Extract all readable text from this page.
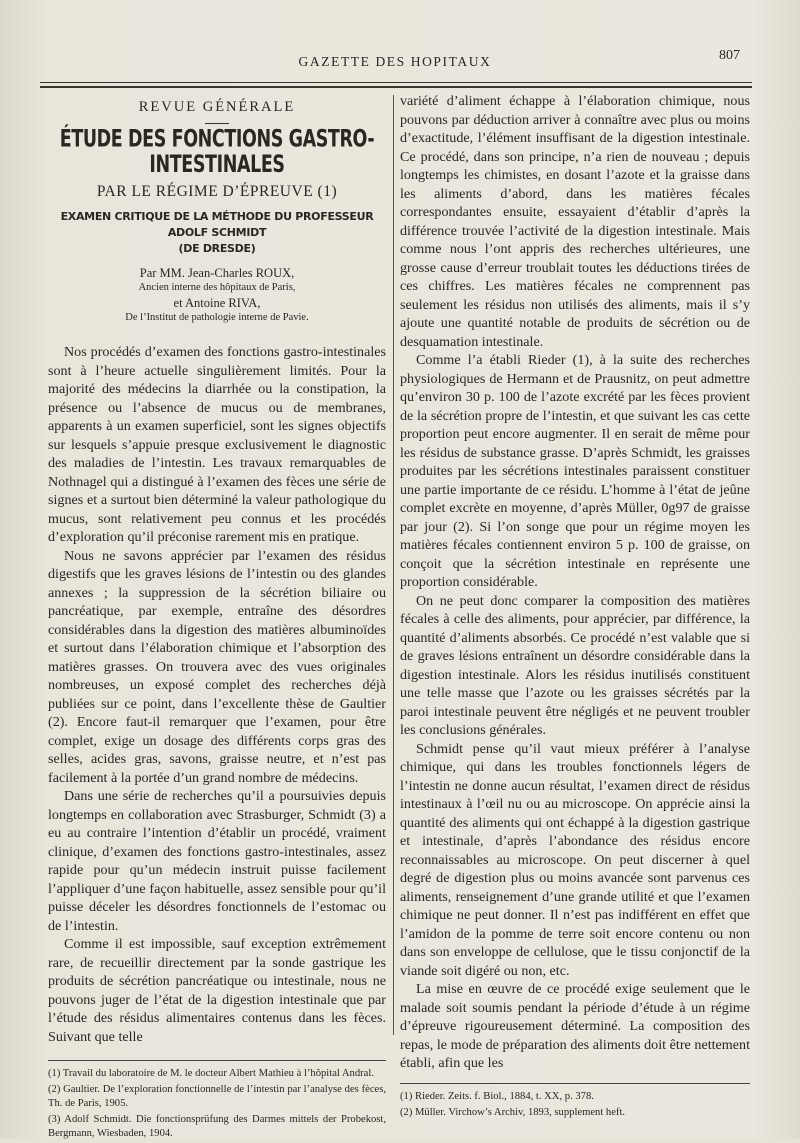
GAZETTE DES HOPITAUX	807
REVUE GÉNÉRALE
ÉTUDE DES FONCTIONS GASTRO-INTESTINALES
PAR LE RÉGIME D’ÉPREUVE (1)
EXAMEN CRITIQUE DE LA MÉTHODE DU PROFESSEUR ADOLF SCHMIDT
(DE DRESDE)
Par MM. Jean-Charles ROUX,
Ancien interne des hôpitaux de Paris,
et Antoine RIVA,
De l’Institut de pathologie interne de Pavie.

Nos procédés d’examen des fonctions gastro-intestinales sont à l’heure actuelle singulièrement limités. Pour la majorité des médecins la diarrhée ou la constipation, la présence ou l’absence de mucus ou de membranes, apparents à un examen superficiel, sont les signes objectifs sur lesquels s’appuie presque exclusivement le diagnostic des maladies de l’intestin. Les travaux remarquables de Nothnagel qui a distingué à l’examen des fèces une série de signes et a surtout bien déterminé la valeur pathologique du mucus, sont relativement peu connus et les procédés d’exploration qu’il préconise rarement mis en pratique.

Nous ne savons apprécier par l’examen des résidus digestifs que les graves lésions de l’intestin ou des glandes annexes ; la suppression de la sécrétion biliaire ou pancréatique, par exemple, entraîne des désordres considérables dans la digestion des matières albuminoïdes et surtout dans l’élaboration chimique et l’absorption des matières grasses. On trouvera avec des vues originales nombreuses, un exposé complet des recherches déjà publiées sur ce point, dans l’excellente thèse de Gaultier (2). Encore faut-il remarquer que l’examen, pour être complet, exige un dosage des différents corps gras des selles, acides gras, savons, graisse neutre, et n’est pas facilement à la portée d’un grand nombre de médecins.

Dans une série de recherches qu’il a poursuivies depuis longtemps en collaboration avec Strasburger, Schmidt (3) a eu au contraire l’intention d’établir un procédé, vraiment clinique, d’examen des fonctions gastro-intestinales, assez rapide pour qu’un médecin instruit puisse facilement l’appliquer d’une façon habituelle, assez sensible pour qu’il puisse déceler les désordres fonctionnels de l’estomac ou de l’intestin.

Comme il est impossible, sauf exception extrêmement rare, de recueillir directement par la sonde gastrique les produits de sécrétion pancréatique ou intestinale, nous ne pouvons juger de l’état de la digestion intestinale que par l’étude des résidus alimentaires contenus dans les fèces. Suivant que telle

(1) Travail du laboratoire de M. le docteur Albert Mathieu à l’hôpital Andral.

(2) Gaultier. De l’exploration fonctionnelle de l’intestin par l’analyse des fèces, Th. de Paris, 1905.

(3) Adolf Schmidt. Die fonctionsprüfung des Darmes mittels der Probekost, Bergmann, Wiesbaden, 1904.

variété d’aliment échappe à l’élaboration chimique, nous pouvons par déduction arriver à connaître avec plus ou moins d’exactitude, l’élément insuffisant de la digestion intestinale. Ce procédé, dans son principe, n’a rien de nouveau ; depuis longtemps les chimistes, en dosant l’azote et la graisse dans les aliments d’abord, dans les matières fécales correspondantes ensuite, essayaient d’établir d’après la différence trouvée l’activité de la digestion intestinale. Mais comme nous l’ont appris des recherches ultérieures, une grosse cause d’erreur troublait toutes les déductions tirées de ces chiffres. Les matières fécales ne comprennent pas seulement les résidus non utilisés des aliments, mais il s’y ajoute une quantité notable de produits de sécrétion ou de desquamation intestinale.

Comme l’a établi Rieder (1), à la suite des recherches physiologiques de Hermann et de Prausnitz, on peut admettre qu’environ 30 p. 100 de l’azote excrété par les fèces provient de la sécrétion propre de l’intestin, et que suivant les cas cette proportion peut encore augmenter. Il en serait de même pour les résidus de substance grasse. D’après Schmidt, les graisses produites par les sécrétions intestinales paraissent constituer une partie importante de ce résidu. L’homme à l’état de jeûne complet excrète en moyenne, d’après Müller, 0g97 de graisse par jour (2). Si l’on songe que pour un régime moyen les matières fécales contiennent environ 5 p. 100 de graisse, on conçoit que la sécrétion intestinale en représente une proportion considérable.

On ne peut donc comparer la composition des matières fécales à celle des aliments, pour apprécier, par différence, la quantité d’aliments absorbés. Ce procédé n’est valable que si de graves lésions entraînent un désordre considérable dans la digestion intestinale. Alors les résidus inutilisés constituent une telle masse que l’azote ou les graisses sécrétés par la paroi intestinale peuvent être négligés et ne peuvent troubler les conclusions générales.

Schmidt pense qu’il vaut mieux préférer à l’analyse chimique, qui dans les troubles fonctionnels légers de l’intestin ne donne aucun résultat, l’examen direct de résidus intestinaux à l’œil nu ou au microscope. On apprécie ainsi la quantité des aliments qui ont échappé à la digestion gastrique et intestinale, d’après l’abondance des résidus encore reconnaissables au microscope. On peut discerner à quel degré de digestion plus ou moins avancée sont parvenus ces aliments, renseignement d’une grande utilité et que l’examen chimique ne peut donner. Il n’est pas indifférent en effet que l’amidon de la pomme de terre soit encore contenu ou non dans son enveloppe de cellulose, que le tissu conjonctif de la viande soit digéré ou non, etc.

La mise en œuvre de ce procédé exige seulement que le malade soit soumis pendant la période d’étude à un régime d’épreuve rigoureusement déterminé. La composition des repas, le mode de préparation des aliments doit être nettement établi, afin que les

(1) Rieder. Zeits. f. Biol., 1884, t. XX, p. 378.

(2) Müller. Virchow’s Archiv, 1893, supplement heft.
